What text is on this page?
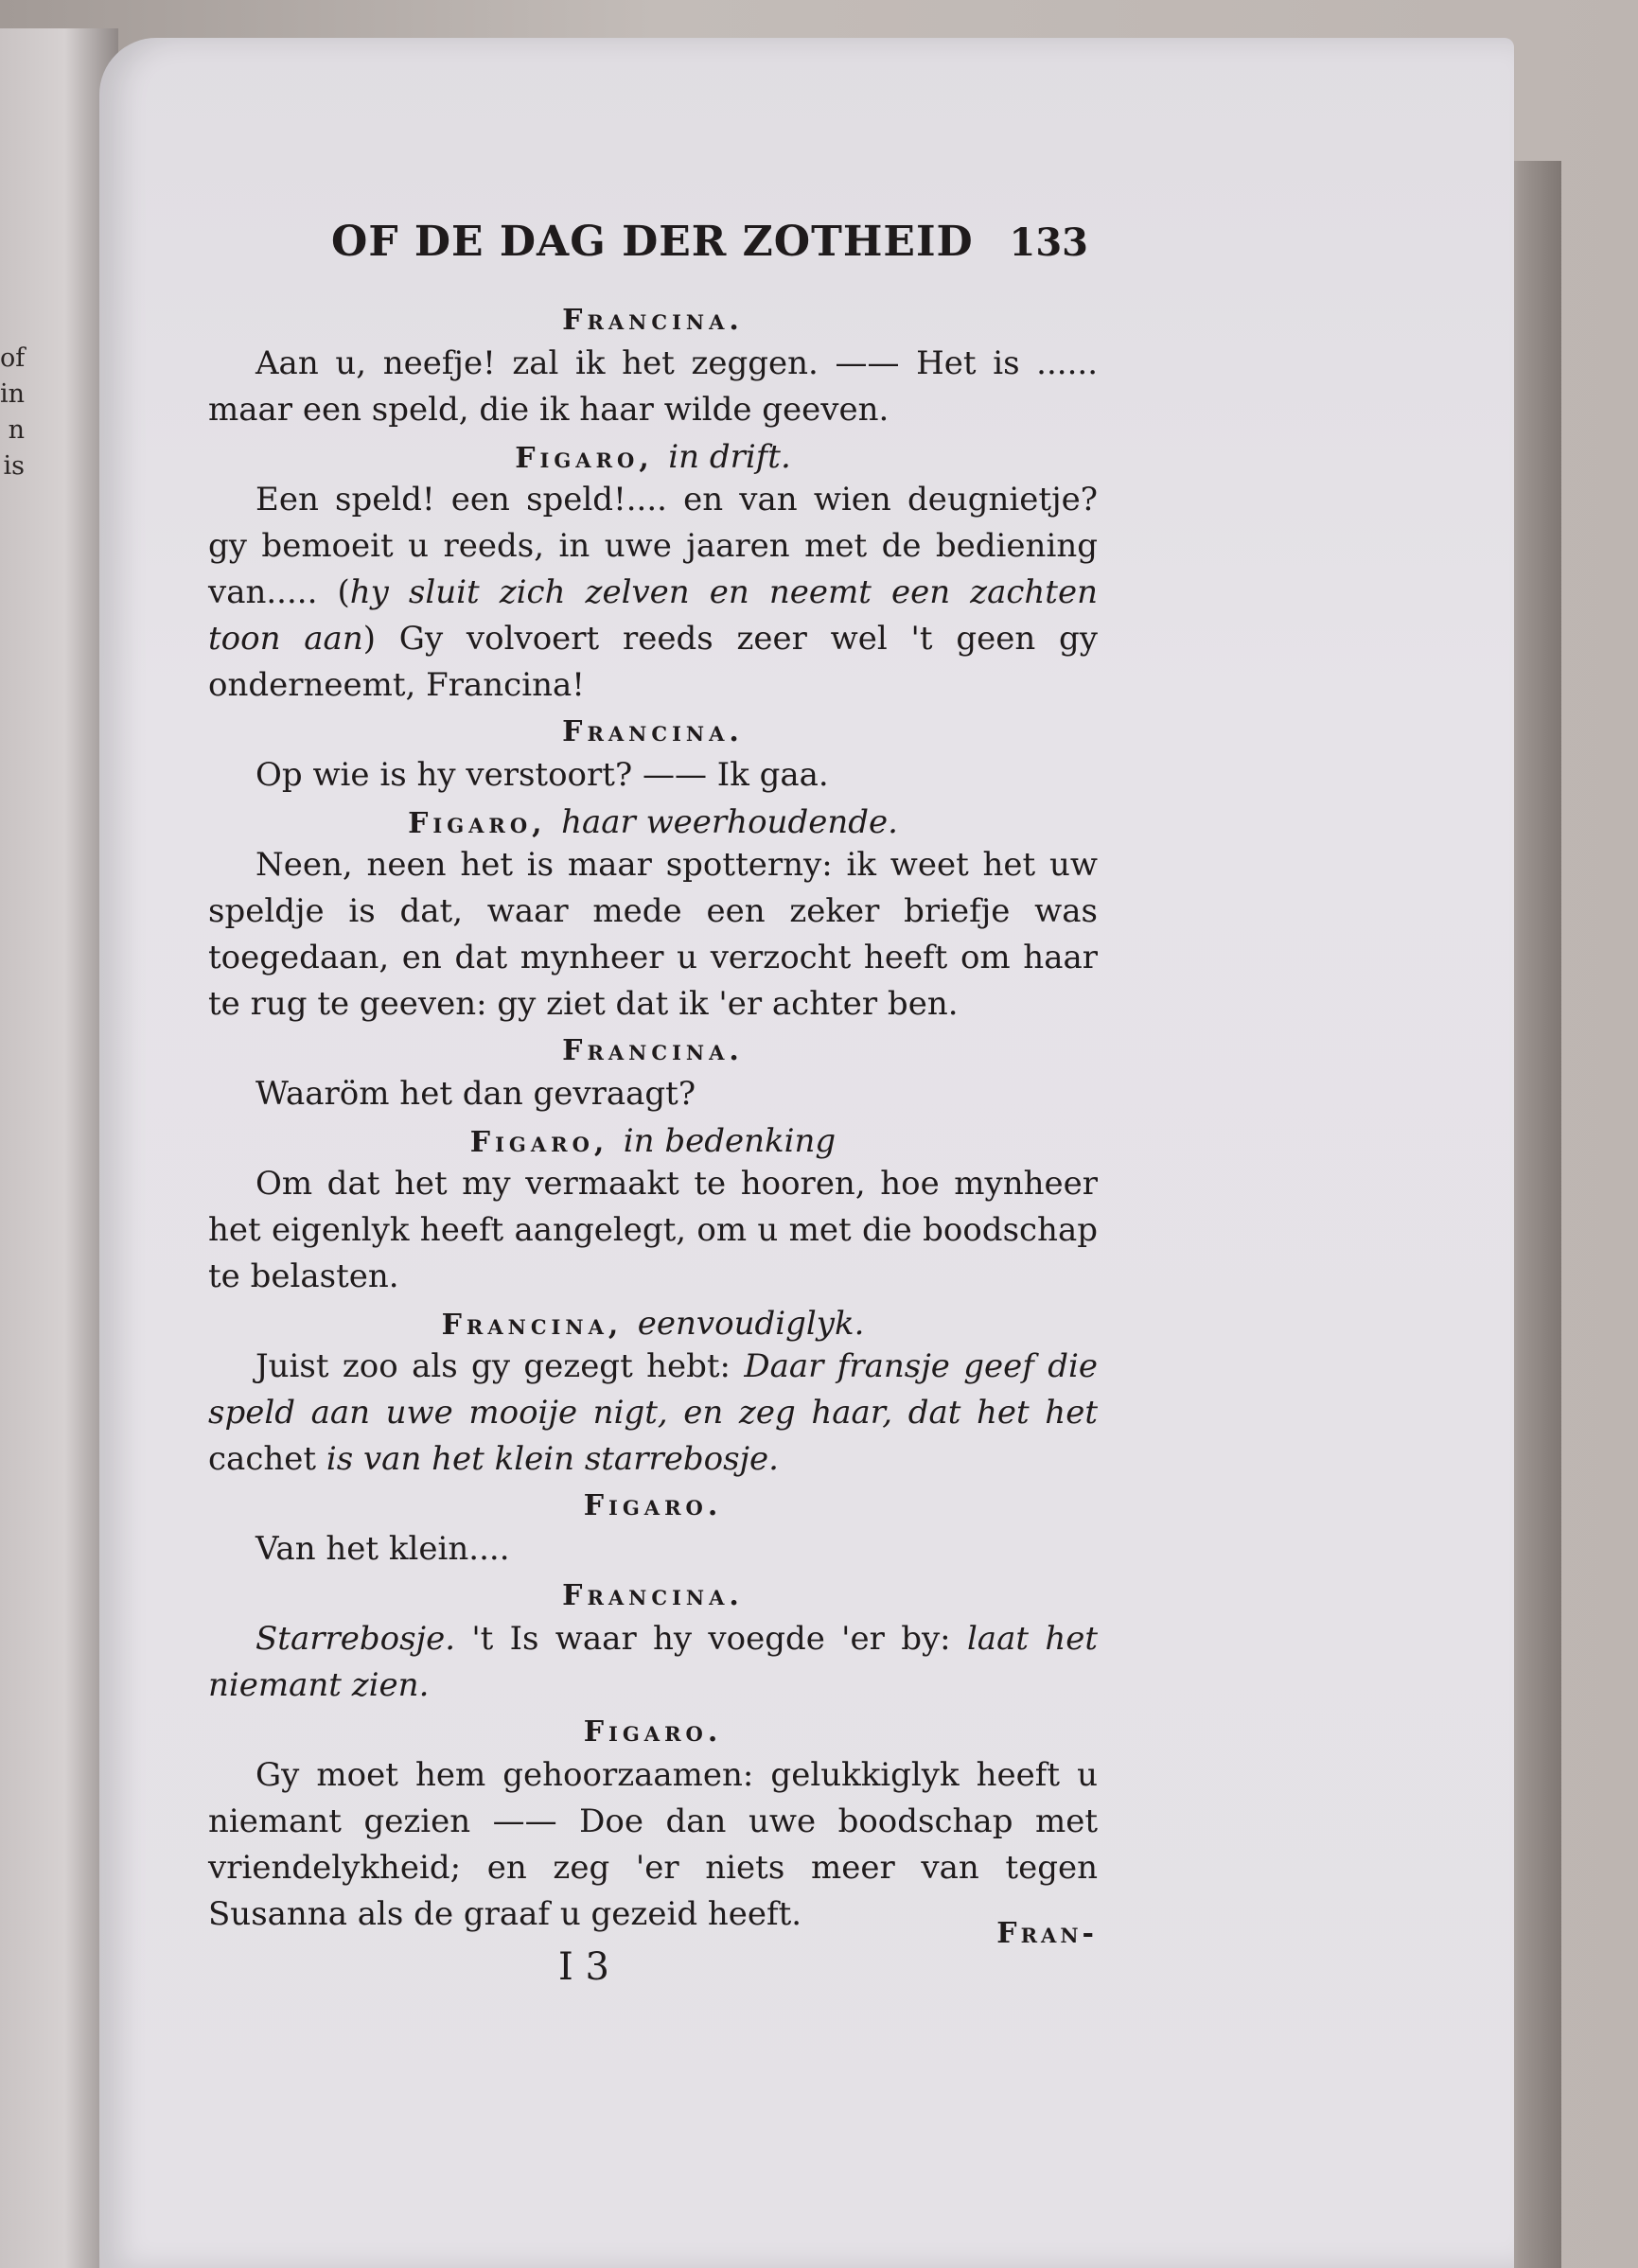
of
in
n
is
OF DE DAG DER ZOTHEID 133
Francina.

Aan u, neefje! zal ik het zeggen. —— Het is ...... maar een speld, die ik haar wilde geeven.

Figaro, in drift.

Een speld! een speld!.... en van wien deugnietje? gy bemoeit u reeds, in uwe jaaren met de bediening van..... (hy sluit zich zelven en neemt een zachten toon aan) Gy volvoert reeds zeer wel 't geen gy onderneemt, Francina!

Francina.

Op wie is hy verstoort? —— Ik gaa.

Figaro, haar weerhoudende.

Neen, neen het is maar spotterny: ik weet het uw speldje is dat, waar mede een zeker briefje was toegedaan, en dat mynheer u verzocht heeft om haar te rug te geeven: gy ziet dat ik 'er achter ben.

Francina.

Waaröm het dan gevraagt?

Figaro, in bedenking

Om dat het my vermaakt te hooren, hoe mynheer het eigenlyk heeft aangelegt, om u met die boodschap te belasten.

Francina, eenvoudiglyk.

Juist zoo als gy gezegt hebt: Daar fransje geef die speld aan uwe mooije nigt, en zeg haar, dat het het cachet is van het klein starrebosje.

Figaro.

Van het klein....

Francina.

Starrebosje. 't Is waar hy voegde 'er by: laat het niemant zien.

Figaro.

Gy moet hem gehoorzaamen: gelukkiglyk heeft u niemant gezien —— Doe dan uwe boodschap met vriendelykheid; en zeg 'er niets meer van tegen Susanna als de graaf u gezeid heeft.

I 3
Fran-
